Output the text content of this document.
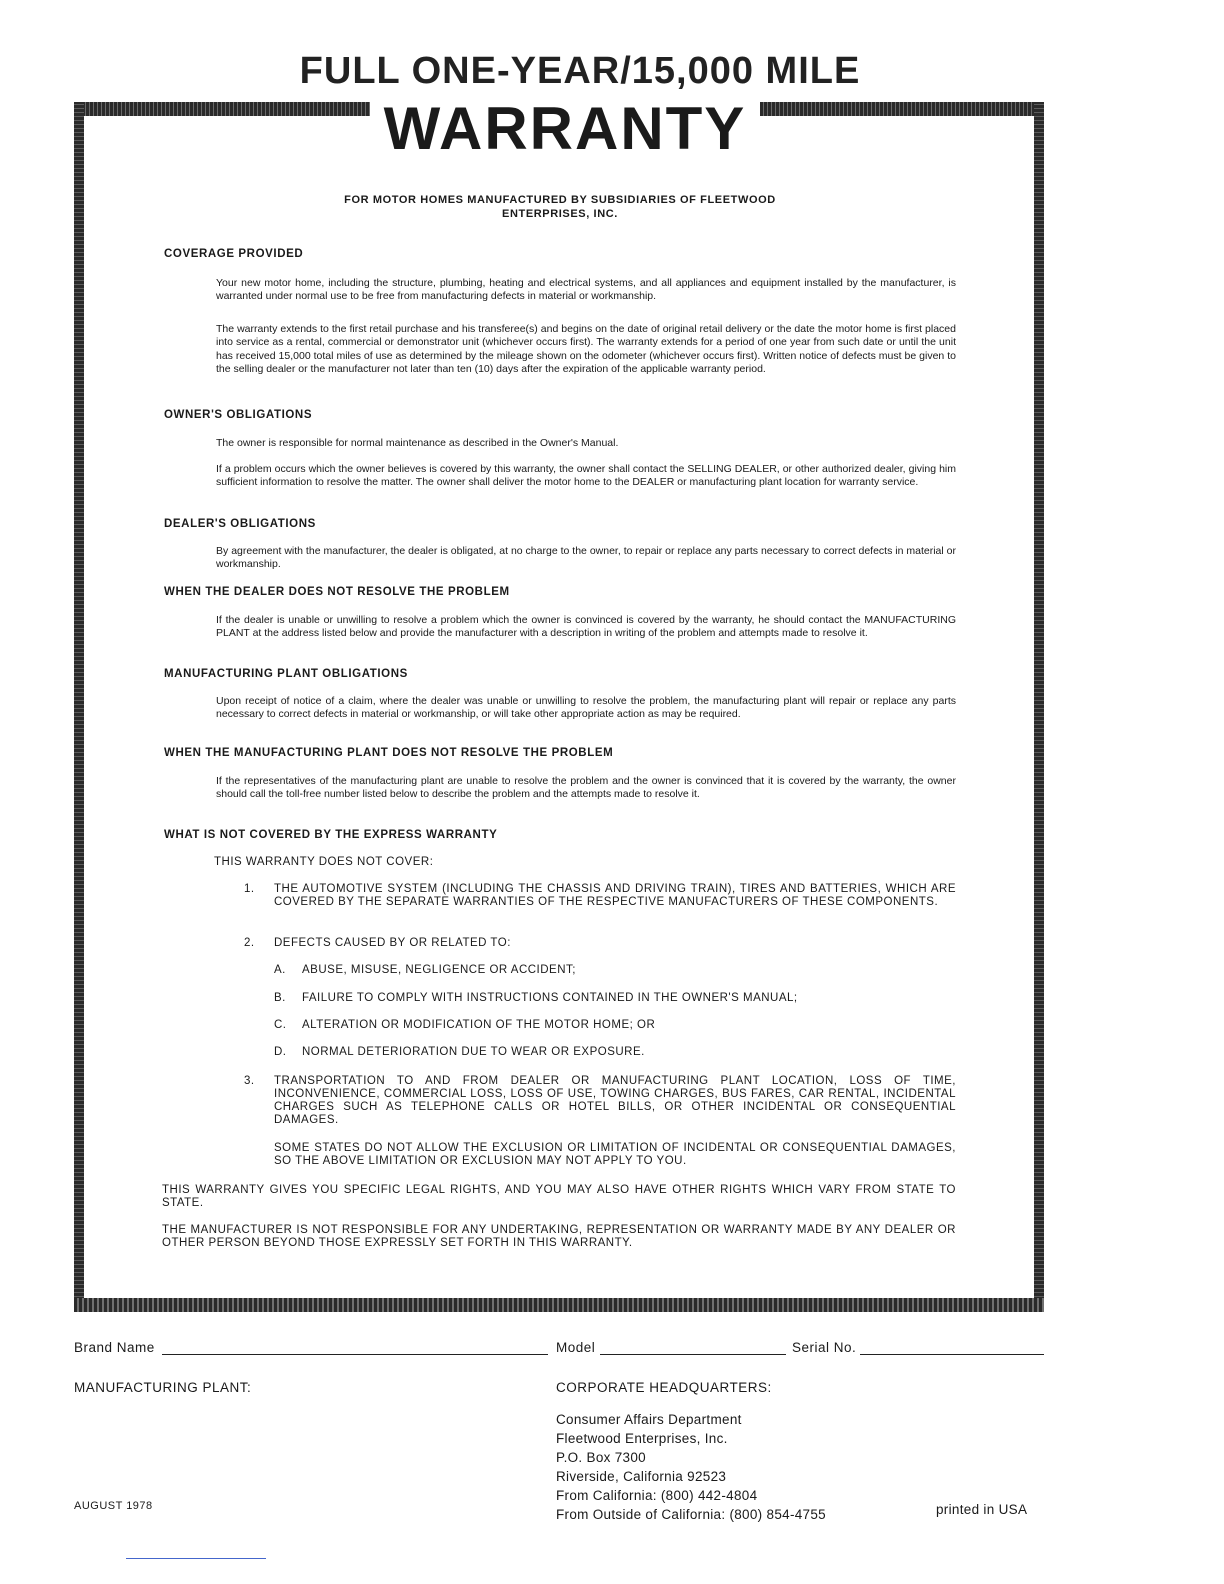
FULL ONE-YEAR/15,000 MILE
WARRANTY
FOR MOTOR HOMES MANUFACTURED BY SUBSIDIARIES OF FLEETWOOD ENTERPRISES, INC.
COVERAGE PROVIDED
Your new motor home, including the structure, plumbing, heating and electrical systems, and all appliances and equipment installed by the manufacturer, is warranted under normal use to be free from manufacturing defects in material or workmanship.
The warranty extends to the first retail purchase and his transferee(s) and begins on the date of original retail delivery or the date the motor home is first placed into service as a rental, commercial or demonstrator unit (whichever occurs first). The warranty extends for a period of one year from such date or until the unit has received 15,000 total miles of use as determined by the mileage shown on the odometer (whichever occurs first). Written notice of defects must be given to the selling dealer or the manufacturer not later than ten (10) days after the expiration of the applicable warranty period.
OWNER'S OBLIGATIONS
The owner is responsible for normal maintenance as described in the Owner's Manual.
If a problem occurs which the owner believes is covered by this warranty, the owner shall contact the SELLING DEALER, or other authorized dealer, giving him sufficient information to resolve the matter. The owner shall deliver the motor home to the DEALER or manufacturing plant location for warranty service.
DEALER'S OBLIGATIONS
By agreement with the manufacturer, the dealer is obligated, at no charge to the owner, to repair or replace any parts necessary to correct defects in material or workmanship.
WHEN THE DEALER DOES NOT RESOLVE THE PROBLEM
If the dealer is unable or unwilling to resolve a problem which the owner is convinced is covered by the warranty, he should contact the MANUFACTURING PLANT at the address listed below and provide the manufacturer with a description in writing of the problem and attempts made to resolve it.
MANUFACTURING PLANT OBLIGATIONS
Upon receipt of notice of a claim, where the dealer was unable or unwilling to resolve the problem, the manufacturing plant will repair or replace any parts necessary to correct defects in material or workmanship, or will take other appropriate action as may be required.
WHEN THE MANUFACTURING PLANT DOES NOT RESOLVE THE PROBLEM
If the representatives of the manufacturing plant are unable to resolve the problem and the owner is convinced that it is covered by the warranty, the owner should call the toll-free number listed below to describe the problem and the attempts made to resolve it.
WHAT IS NOT COVERED BY THE EXPRESS WARRANTY
THIS WARRANTY DOES NOT COVER:
1.	THE AUTOMOTIVE SYSTEM (INCLUDING THE CHASSIS AND DRIVING TRAIN), TIRES AND BATTERIES, WHICH ARE COVERED BY THE SEPARATE WARRANTIES OF THE RESPECTIVE MANUFACTURERS OF THESE COMPONENTS.
2.	DEFECTS CAUSED BY OR RELATED TO:
A.	ABUSE, MISUSE, NEGLIGENCE OR ACCIDENT;
B.	FAILURE TO COMPLY WITH INSTRUCTIONS CONTAINED IN THE OWNER'S MANUAL;
C.	ALTERATION OR MODIFICATION OF THE MOTOR HOME; OR
D.	NORMAL DETERIORATION DUE TO WEAR OR EXPOSURE.
3.	TRANSPORTATION TO AND FROM DEALER OR MANUFACTURING PLANT LOCATION, LOSS OF TIME, INCONVENIENCE, COMMERCIAL LOSS, LOSS OF USE, TOWING CHARGES, BUS FARES, CAR RENTAL, INCIDENTAL CHARGES SUCH AS TELEPHONE CALLS OR HOTEL BILLS, OR OTHER INCIDENTAL OR CONSEQUENTIAL DAMAGES.
SOME STATES DO NOT ALLOW THE EXCLUSION OR LIMITATION OF INCIDENTAL OR CONSEQUENTIAL DAMAGES, SO THE ABOVE LIMITATION OR EXCLUSION MAY NOT APPLY TO YOU.
THIS WARRANTY GIVES YOU SPECIFIC LEGAL RIGHTS, AND YOU MAY ALSO HAVE OTHER RIGHTS WHICH VARY FROM STATE TO STATE.
THE MANUFACTURER IS NOT RESPONSIBLE FOR ANY UNDERTAKING, REPRESENTATION OR WARRANTY MADE BY ANY DEALER OR OTHER PERSON BEYOND THOSE EXPRESSLY SET FORTH IN THIS WARRANTY.
Brand Name	Model	Serial No.
MANUFACTURING PLANT:	CORPORATE HEADQUARTERS:
Consumer Affairs Department
Fleetwood Enterprises, Inc.
P.O. Box 7300
Riverside, California 92523
From California: (800) 442-4804
From Outside of California: (800) 854-4755
AUGUST 1978	printed in USA
